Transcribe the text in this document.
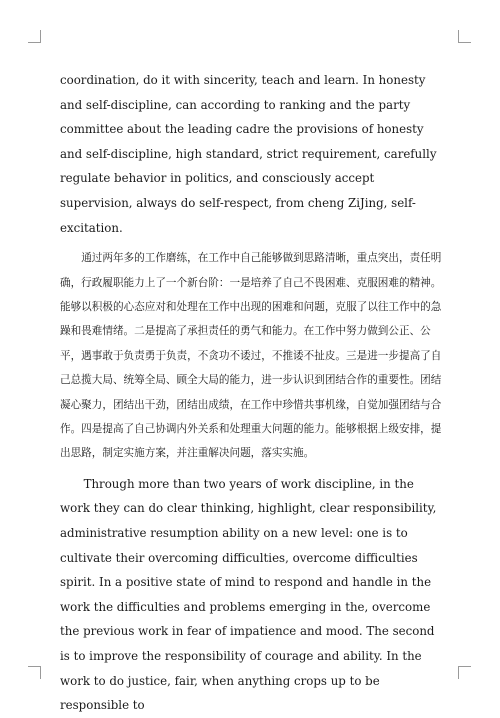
coordination, do it with sincerity, teach and learn. In honesty and self-discipline, can according to ranking and the party committee about the leading cadre the provisions of honesty and self-discipline, high standard, strict requirement, carefully regulate behavior in politics, and consciously accept supervision, always do self-respect, from cheng ZiJing, self-excitation.

通过两年多的工作磨练，在工作中自己能够做到思路清晰，重点突出，责任明确，行政履职能力上了一个新台阶：一是培养了自己不畏困难、克服困难的精神。能够以积极的心态应对和处理在工作中出现的困难和问题，克服了以往工作中的急躁和畏难情绪。二是提高了承担责任的勇气和能力。在工作中努力做到公正、公平，遇事敢于负责勇于负责，不贪功不诿过，不推诿不扯皮。三是进一步提高了自己总揽大局、统筹全局、顾全大局的能力，进一步认识到团结合作的重要性。团结凝心聚力，团结出干劲，团结出成绩，在工作中珍惜共事机缘，自觉加强团结与合作。四是提高了自己协调内外关系和处理重大问题的能力。能够根据上级安排，提出思路，制定实施方案，并注重解决问题，落实实施。

Through more than two years of work discipline, in the work they can do clear thinking, highlight, clear responsibility, administrative resumption ability on a new level: one is to cultivate their overcoming difficulties, overcome difficulties spirit. In a positive state of mind to respond and handle in the work the difficulties and problems emerging in the, overcome the previous work in fear of impatience and mood. The second is to improve the responsibility of courage and ability. In the work to do justice, fair, when anything crops up to be responsible to
